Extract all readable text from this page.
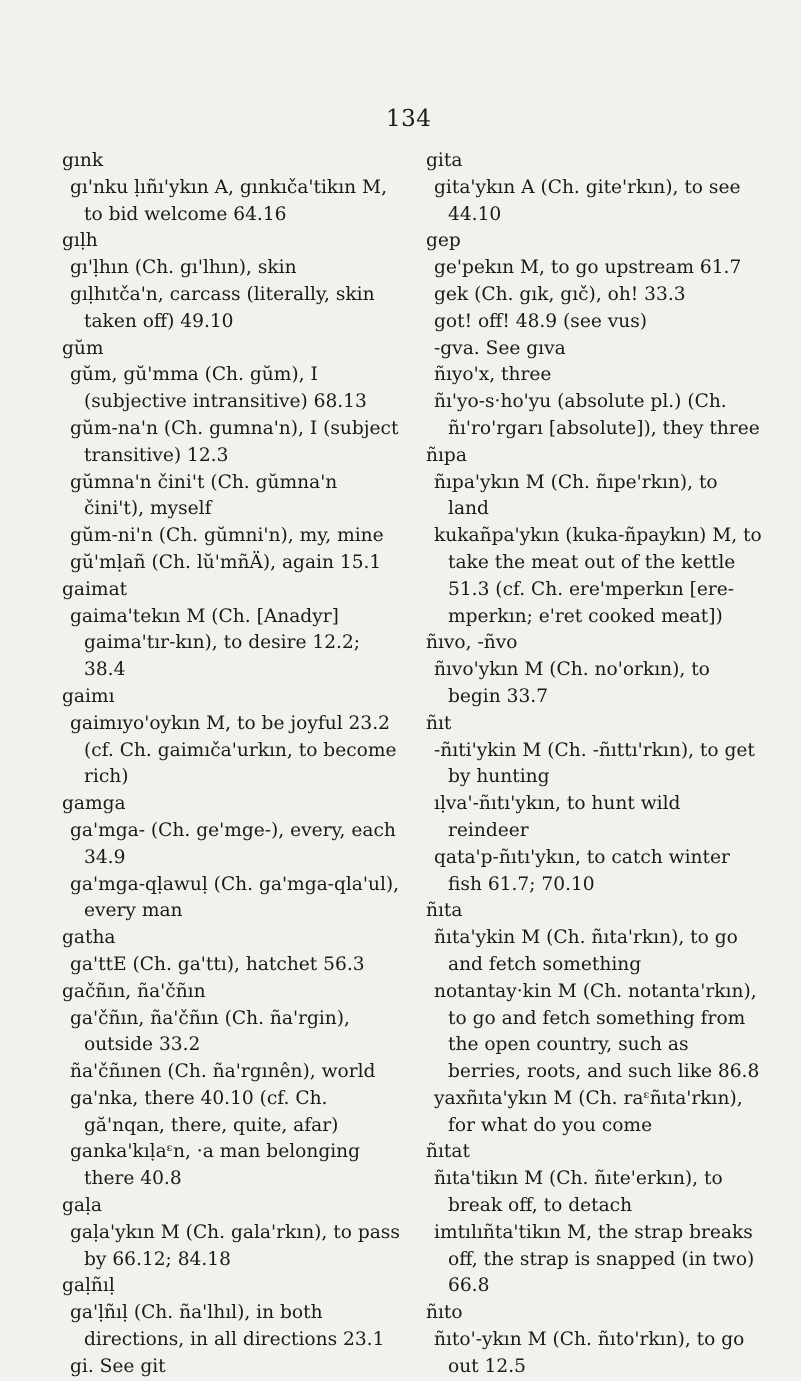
134
gınk
gı'nku ḷıñı'ykın A, gınkıča'tikın M, to bid welcome 64.16
gıḷh
gı'ḷhın (Ch. gı'lhın), skin
gıḷhıtča'n, carcass (literally, skin taken off) 49.10
gŭm
gŭm, gŭ'mma (Ch. gŭm), I (subjective intransitive) 68.13
gŭm-na'n (Ch. gumna'n), I (subject transitive) 12.3
gŭmna'n čini't (Ch. gŭmna'n čini't), myself
gŭm-ni'n (Ch. gŭmni'n), my, mine
gŭ'mḷañ (Ch. lŭ'mñÄ), again 15.1
gaimat
gaima'tekın M (Ch. [Anadyr] gaima'tır-kın), to desire 12.2; 38.4
gaimı
gaimıyo'oykın M, to be joyful 23.2 (cf. Ch. gaimıča'urkın, to become rich)
gamga
ga'mga- (Ch. ge'mge-), every, each 34.9
ga'mga-qḷawuḷ (Ch. ga'mga-qla'ul), every man
gatha
ga'ttE (Ch. ga'ttı), hatchet 56.3
gačñın, ña'čñın
ga'čñın, ña'čñın (Ch. ña'rgin), outside 33.2
ña'čñınen (Ch. ña'rgınên), world
ga'nka, there 40.10 (cf. Ch. gă'nqan, there, quite, afar)
ganka'kıḷaᵋn, ·a man belonging there 40.8
gaḷa
gaḷa'ykın M (Ch. gala'rkın), to pass by 66.12; 84.18
gaḷñıḷ
ga'ḷñıḷ (Ch. ña'lhıl), in both directions, in all directions 23.1
gi. See git
gita
gita'ykın A (Ch. gite'rkın), to see 44.10
gep
ge'pekın M, to go upstream 61.7
gek (Ch. gık, gıč), oh! 33.3
got! off! 48.9 (see vus)
-gva. See gıva
ñıyo'x, three
ñı'yo-s·ho'yu (absolute pl.) (Ch. ñı'ro'rgarı [absolute]), they three
ñıpa
ñıpa'ykın M (Ch. ñıpe'rkın), to land
kukañpa'ykın (kuka-ñpaykın) M, to take the meat out of the kettle 51.3 (cf. Ch. ere'mperkın [ere-mperkın; e'ret cooked meat])
ñıvo, -ñvo
ñıvo'ykın M (Ch. no'orkın), to begin 33.7
ñıt
-ñıti'ykin M (Ch. -ñıttı'rkın), to get by hunting
ıḷva'-ñıtı'ykın, to hunt wild reindeer
qata'p-ñıtı'ykın, to catch winter fish 61.7; 70.10
ñıta
ñıta'ykin M (Ch. ñıta'rkın), to go and fetch something
notantay·kin M (Ch. notanta'rkın), to go and fetch something from the open country, such as berries, roots, and such like 86.8
yaxñıta'ykın M (Ch. raᵋñıta'rkın), for what do you come
ñıtat
ñıta'tikın M (Ch. ñıte'erkın), to break off, to detach
imtılıñta'tikın M, the strap breaks off, the strap is snapped (in two) 66.8
ñıto
ñıto'-ykın M (Ch. ñıto'rkın), to go out 12.5
